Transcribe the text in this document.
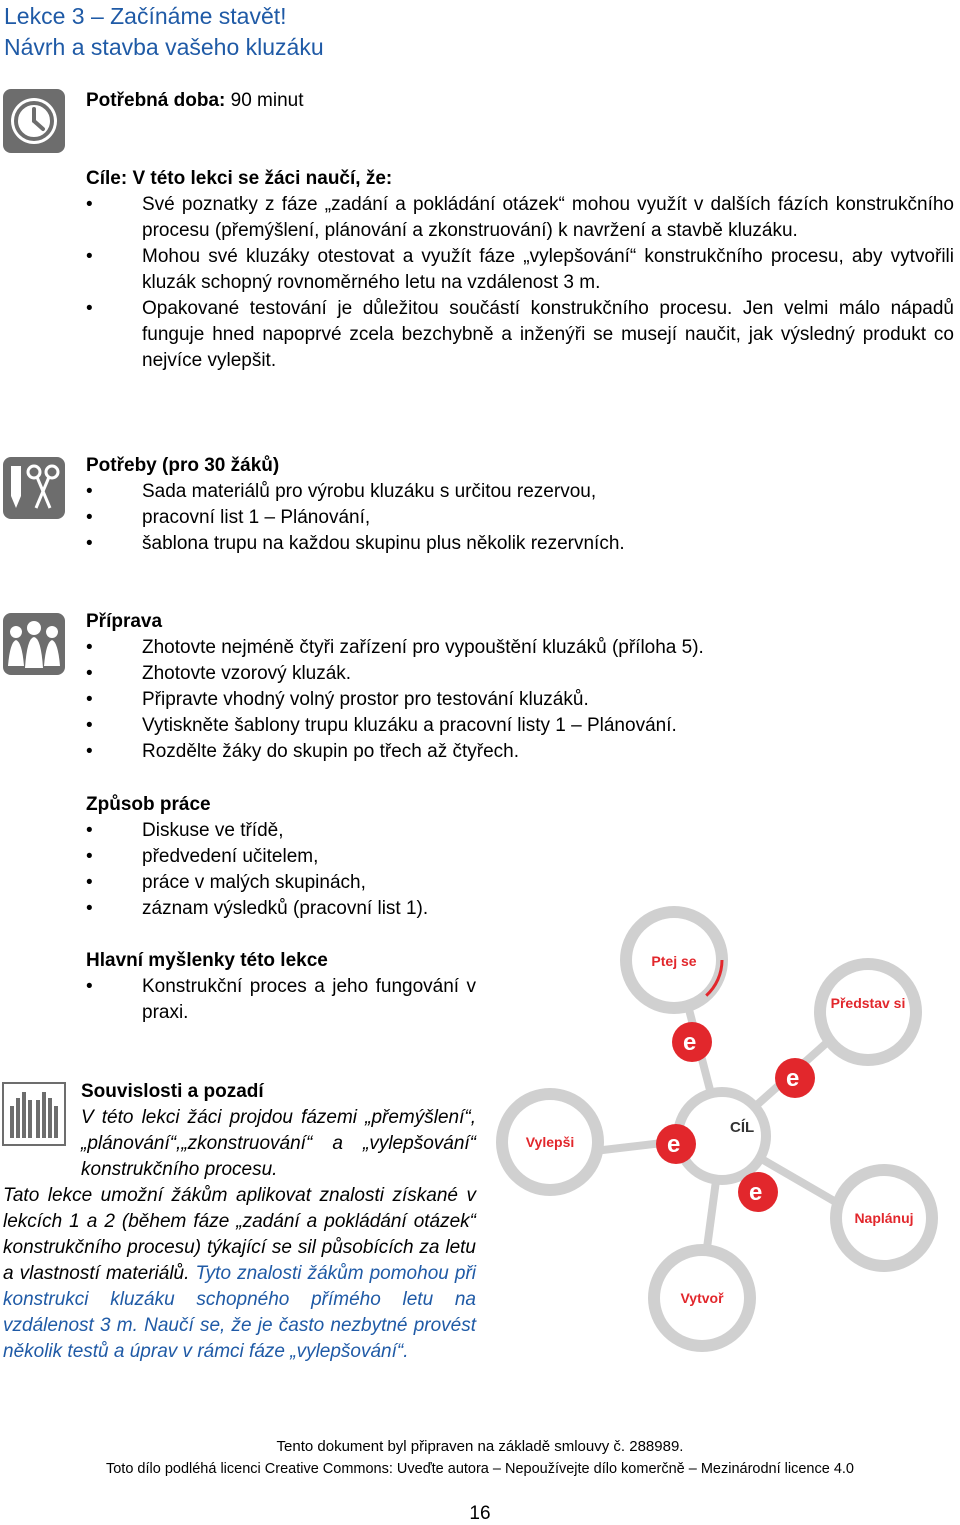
Lekce 3 – Začínáme stavět!
Návrh a stavba vašeho kluzáku
Potřebná doba: 90 minut
Cíle: V této lekci se žáci naučí, že:
• Své poznatky z fáze „zadání a pokládání otázek“ mohou využít v dalších fázích konstrukčního procesu (přemýšlení, plánování a zkonstruování) k navržení a stavbě kluzáku.
• Mohou své kluzáky otestovat a využít fáze „vylepšování“ konstrukčního procesu, aby vytvořili kluzák schopný rovnoměrného letu na vzdálenost 3 m.
• Opakované testování je důležitou součástí konstrukčního procesu. Jen velmi málo nápadů funguje hned napoprvé zcela bezchybně a inženýři se musejí naučit, jak výsledný produkt co nejvíce vylepšit.
Potřeby (pro 30 žáků)
• Sada materiálů pro výrobu kluzáku s určitou rezervou,
• pracovní list 1 – Plánování,
• šablona trupu na každou skupinu plus několik rezervních.
Příprava
• Zhotovte nejméně čtyři zařízení pro vypouštění kluzáků (příloha 5).
• Zhotovte vzorový kluzák.
• Připravte vhodný volný prostor pro testování kluzáků.
• Vytiskněte šablony trupu kluzáku a pracovní listy 1 – Plánování.
• Rozdělte žáky do skupin po třech až čtyřech.
Způsob práce
• Diskuse ve třídě,
• předvedení učitelem,
• práce v malých skupinách,
• záznam výsledků (pracovní list 1).
Hlavní myšlenky této lekce
• Konstrukční proces a jeho fungování v praxi.
Souvislosti a pozadí
V této lekci žáci projdou fázemi „přemýšlení“,„plánování“,„zkonstruování“ a „vylepšování“ konstrukčního procesu.
Tato lekce umožní žákům aplikovat znalosti získané v lekcích 1 a 2 (během fáze „zadání a pokládání otázek“ konstrukčního procesu) týkající se sil působících za letu a vlastností materiálů. Tyto znalosti žákům pomohou při konstrukci kluzáku schopného přímého letu na vzdálenost 3 m. Naučí se, že je často nezbytné provést několik testů a úprav v rámci fáze „vylepšování“.
CÍL
e
e
e
e
Ptej se
Představ si
Naplánuj
Vytvoř
Vylepši
Tento dokument byl připraven na základě smlouvy č. 288989.
Toto dílo podléhá licenci Creative Commons: Uveďte autora – Nepoužívejte dílo komerčně – Mezinárodní licence 4.0
16
